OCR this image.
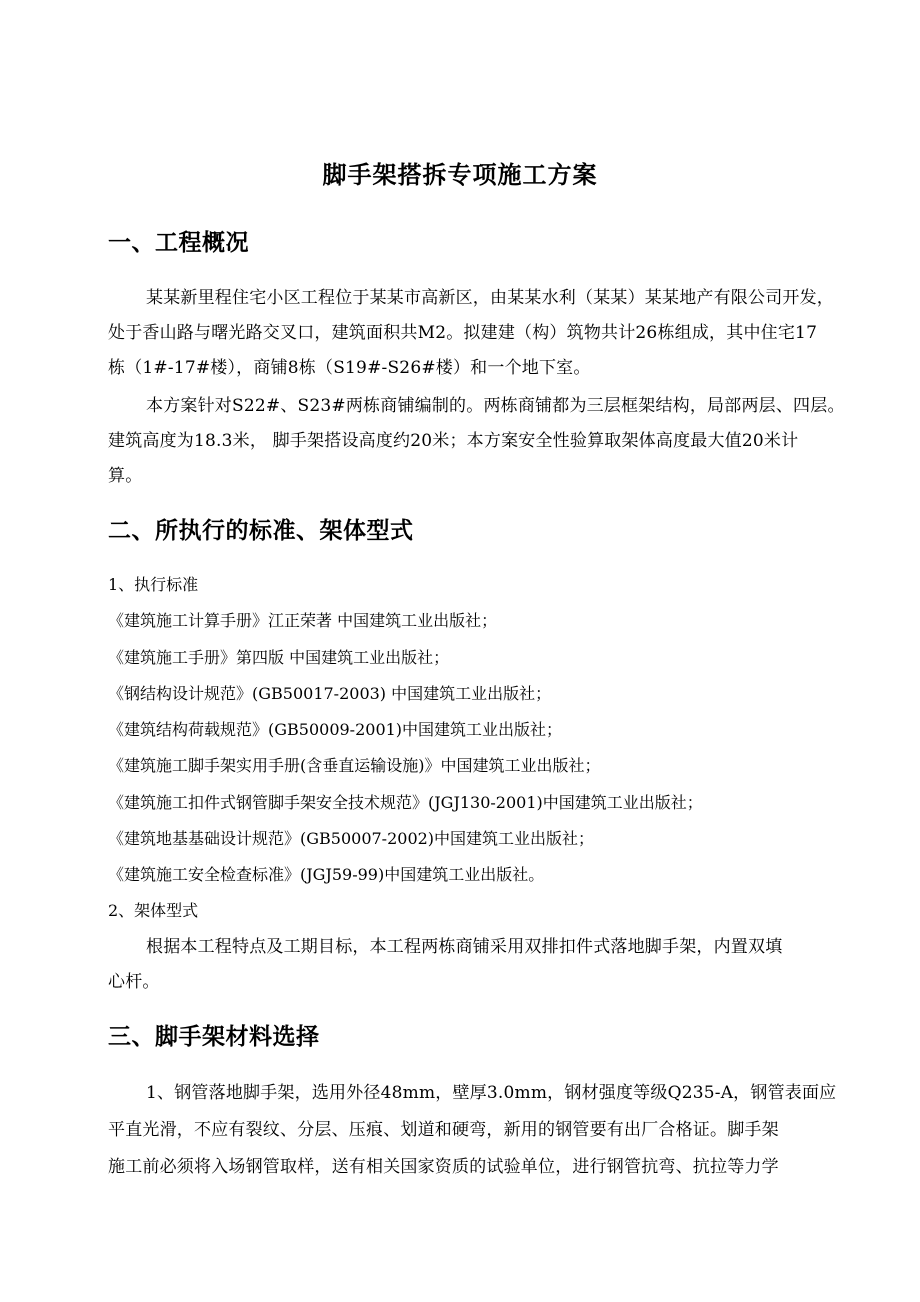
脚手架搭拆专项施工方案
一、工程概况
某某新里程住宅小区工程位于某某市高新区，由某某水利（某某）某某地产有限公司开发，
处于香山路与曙光路交叉口，建筑面积共M2。拟建建（构）筑物共计26栋组成，其中住宅17
栋（1#-17#楼），商铺8栋（S19#-S26#楼）和一个地下室。
本方案针对S22#、S23#两栋商铺编制的。两栋商铺都为三层框架结构，局部两层、四层。
建筑高度为18.3米， 脚手架搭设高度约20米；本方案安全性验算取架体高度最大值20米计
算。
二、所执行的标准、架体型式
1、执行标准
《建筑施工计算手册》江正荣著 中国建筑工业出版社；
《建筑施工手册》第四版 中国建筑工业出版社；
《钢结构设计规范》(GB50017-2003) 中国建筑工业出版社；
《建筑结构荷载规范》(GB50009-2001)中国建筑工业出版社；
《建筑施工脚手架实用手册(含垂直运输设施)》中国建筑工业出版社；
《建筑施工扣件式钢管脚手架安全技术规范》(JGJ130-2001)中国建筑工业出版社；
《建筑地基基础设计规范》(GB50007-2002)中国建筑工业出版社；
《建筑施工安全检查标准》(JGJ59-99)中国建筑工业出版社。
2、架体型式
根据本工程特点及工期目标，本工程两栋商铺采用双排扣件式落地脚手架，内置双填
心杆。
三、脚手架材料选择
1、钢管落地脚手架，选用外径48mm，壁厚3.0mm，钢材强度等级Q235-A，钢管表面应
平直光滑，不应有裂纹、分层、压痕、划道和硬弯，新用的钢管要有出厂合格证。脚手架
施工前必须将入场钢管取样，送有相关国家资质的试验单位，进行钢管抗弯、抗拉等力学
